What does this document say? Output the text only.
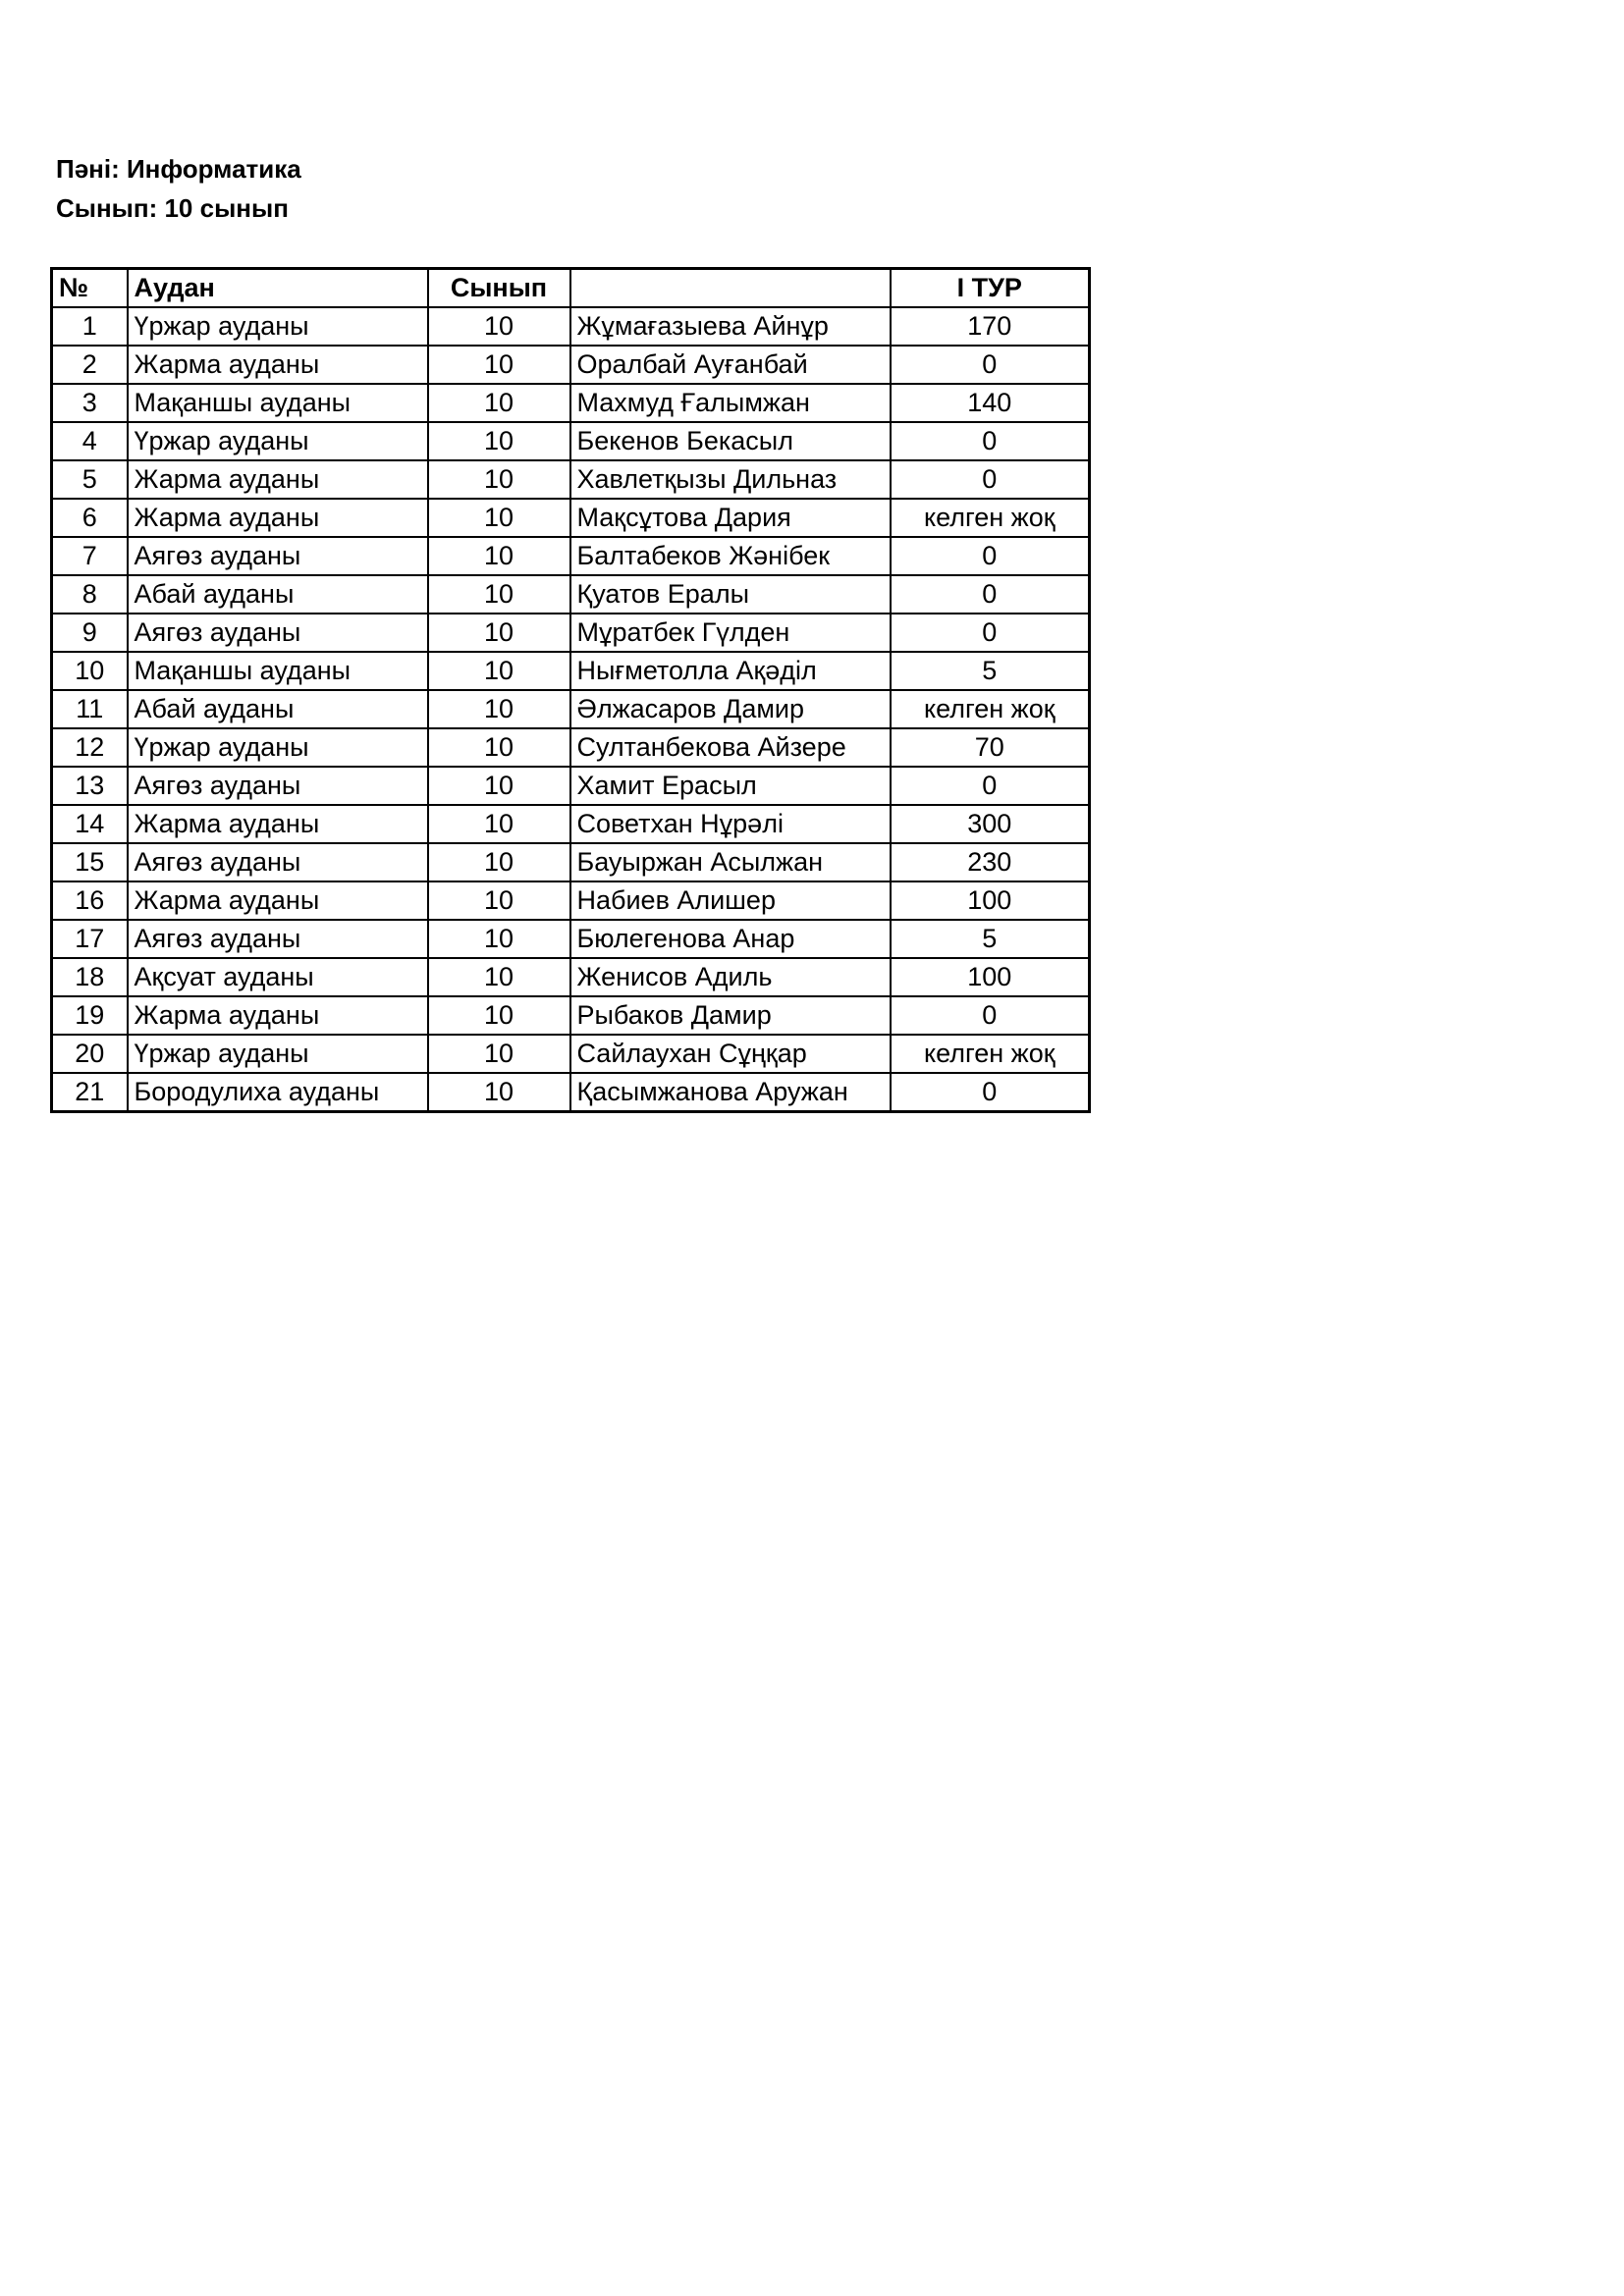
Пәні: Информатика
Сынып: 10 сынып
№	Аудан	Сынып		I ТУР
1	Үржар ауданы	10	Жұмағазыева Айнұр	170
2	Жарма ауданы	10	Оралбай Ауғанбай	0
3	Мақаншы ауданы	10	Махмуд Ғалымжан	140
4	Үржар ауданы	10	Бекенов Бекасыл	0
5	Жарма ауданы	10	Хавлетқызы Дильназ	0
6	Жарма ауданы	10	Мақсұтова Дария	келген жоқ
7	Аягөз ауданы	10	Балтабеков Жәнібек	0
8	Абай ауданы	10	Қуатов Ералы	0
9	Аягөз ауданы	10	Мұратбек Гүлден	0
10	Мақаншы ауданы	10	Нығметолла Ақәділ	5
11	Абай ауданы	10	Әлжасаров Дамир	келген жоқ
12	Үржар ауданы	10	Султанбекова Айзере	70
13	Аягөз ауданы	10	Хамит Ерасыл	0
14	Жарма ауданы	10	Советхан Нұрәлі	300
15	Аягөз ауданы	10	Бауыржан Асылжан	230
16	Жарма ауданы	10	Набиев Алишер	100
17	Аягөз ауданы	10	Бюлегенова Анар	5
18	Ақсуат ауданы	10	Женисов Адиль	100
19	Жарма ауданы	10	Рыбаков Дамир	0
20	Үржар ауданы	10	Сайлаухан Сұңқар	келген жоқ
21	Бородулиха ауданы	10	Қасымжанова Аружан	0
